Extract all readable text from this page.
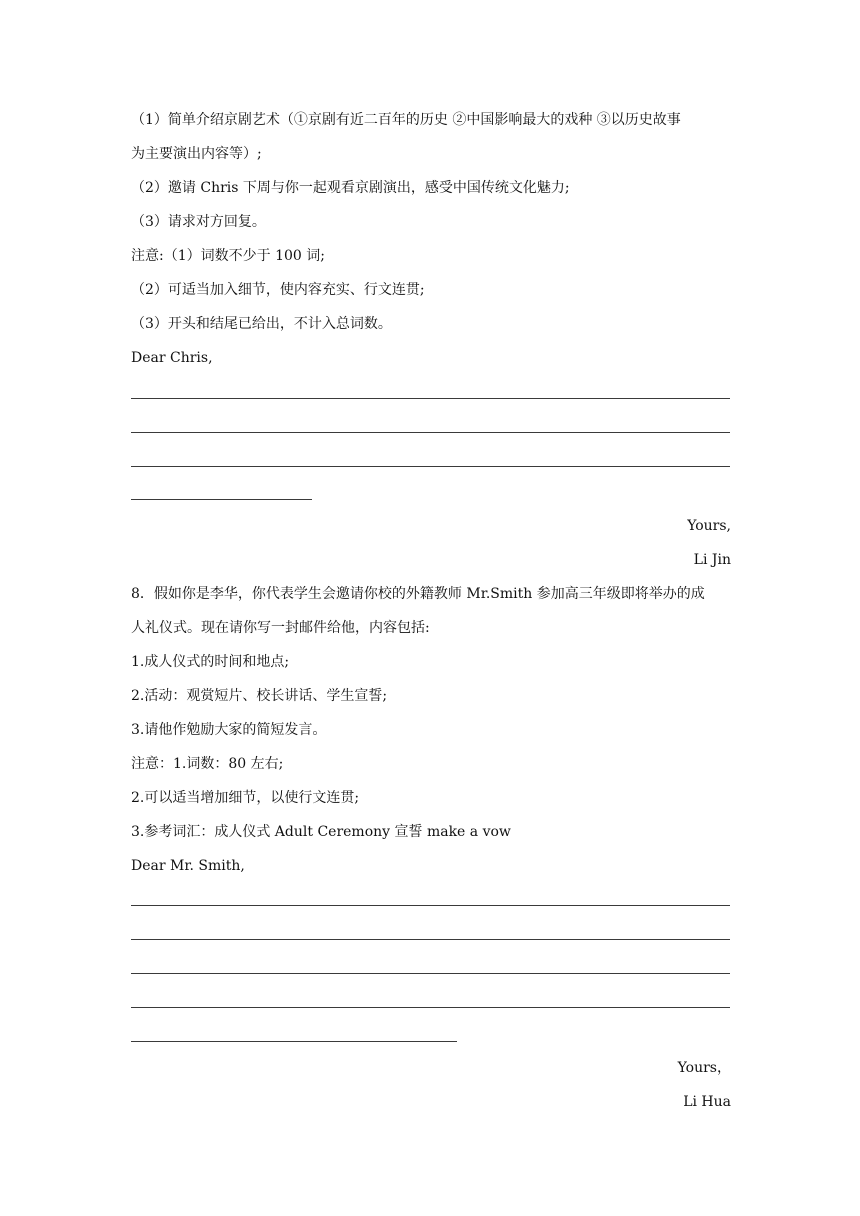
（1）简单介绍京剧艺术（①京剧有近二百年的历史 ②中国影响最大的戏种 ③以历史故事
为主要演出内容等）;
（2）邀请 Chris 下周与你一起观看京剧演出，感受中国传统文化魅力;
（3）请求对方回复。
注意:（1）词数不少于 100 词;
（2）可适当加入细节，使内容充实、行文连贯;
（3）开头和结尾已给出，不计入总词数。
Dear Chris,
Yours,
Li Jin
8．假如你是李华，你代表学生会邀请你校的外籍教师 Mr.Smith 参加高三年级即将举办的成
人礼仪式。现在请你写一封邮件给他，内容包括:
1.成人仪式的时间和地点;
2.活动：观赏短片、校长讲话、学生宣誓;
3.请他作勉励大家的简短发言。
注意：1.词数：80 左右;
2.可以适当增加细节，以使行文连贯;
3.参考词汇：成人仪式 Adult Ceremony 宣誓 make a vow
Dear Mr. Smith,
Yours，
Li Hua
